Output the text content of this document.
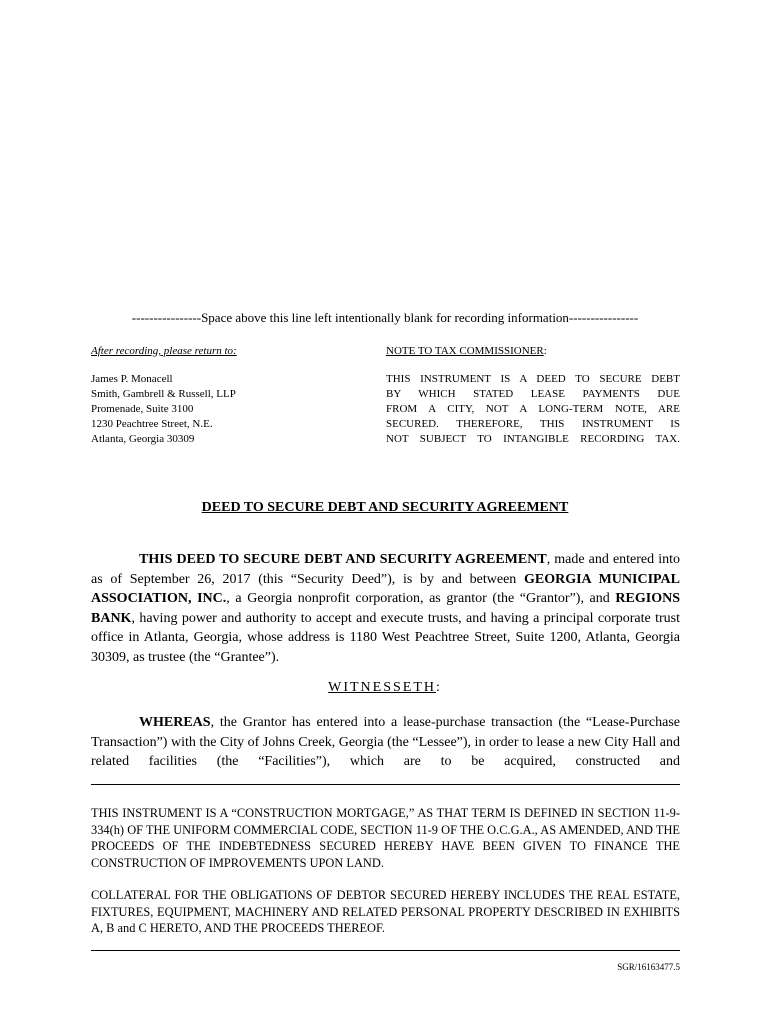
----------------Space above this line left intentionally blank for recording information----------------
After recording, please return to:
James P. Monacell
Smith, Gambrell & Russell, LLP
Promenade, Suite 3100
1230 Peachtree Street, N.E.
Atlanta, Georgia 30309
NOTE TO TAX COMMISSIONER:
THIS INSTRUMENT IS A DEED TO SECURE DEBT
BY WHICH STATED LEASE PAYMENTS DUE
FROM A CITY, NOT A LONG-TERM NOTE, ARE
SECURED. THEREFORE, THIS INSTRUMENT IS
NOT SUBJECT TO INTANGIBLE RECORDING TAX.
DEED TO SECURE DEBT AND SECURITY AGREEMENT
THIS DEED TO SECURE DEBT AND SECURITY AGREEMENT, made and entered into as of September 26, 2017 (this “Security Deed”), is by and between GEORGIA MUNICIPAL ASSOCIATION, INC., a Georgia nonprofit corporation, as grantor (the “Grantor”), and REGIONS BANK, having power and authority to accept and execute trusts, and having a principal corporate trust office in Atlanta, Georgia, whose address is 1180 West Peachtree Street, Suite 1200, Atlanta, Georgia 30309, as trustee (the “Grantee”).
WITNESSETH:
WHEREAS, the Grantor has entered into a lease-purchase transaction (the “Lease-Purchase Transaction”) with the City of Johns Creek, Georgia (the “Lessee”), in order to lease a new City Hall and related facilities (the “Facilities”), which are to be acquired, constructed and
THIS INSTRUMENT IS A “CONSTRUCTION MORTGAGE,” AS THAT TERM IS DEFINED IN SECTION 11-9-334(h) OF THE UNIFORM COMMERCIAL CODE, SECTION 11-9 OF THE O.C.G.A., AS AMENDED, AND THE PROCEEDS OF THE INDEBTEDNESS SECURED HEREBY HAVE BEEN GIVEN TO FINANCE THE CONSTRUCTION OF IMPROVEMENTS UPON LAND.
COLLATERAL FOR THE OBLIGATIONS OF DEBTOR SECURED HEREBY INCLUDES THE REAL ESTATE, FIXTURES, EQUIPMENT, MACHINERY AND RELATED PERSONAL PROPERTY DESCRIBED IN EXHIBITS A, B and C HERETO, AND THE PROCEEDS THEREOF.
SGR/16163477.5
